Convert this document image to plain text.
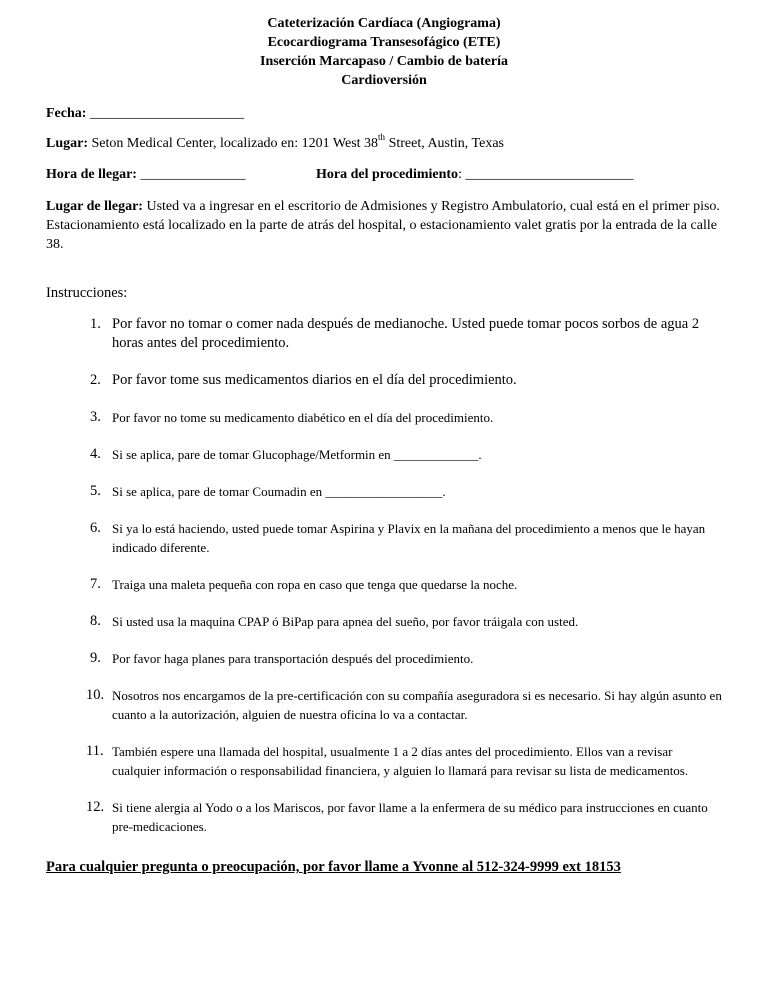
Cateterización Cardíaca (Angiograma)
Ecocardiograma Transesofágico (ETE)
Inserción Marcapaso / Cambio de batería
Cardioversión
Fecha: ______________________
Lugar: Seton Medical Center, localizado en: 1201 West 38th Street, Austin, Texas
Hora de llegar: _______________	Hora del procedimiento: ________________________
Lugar de llegar: Usted va a ingresar en el escritorio de Admisiones y Registro Ambulatorio, cual está en el primer piso. Estacionamiento está localizado en la parte de atrás del hospital, o estacionamiento valet gratis por la entrada de la calle 38.
Instrucciones:
1. Por favor no tomar o comer nada después de medianoche. Usted puede tomar pocos sorbos de agua 2 horas antes del procedimiento.
2. Por favor tome sus medicamentos diarios en el día del procedimiento.
3. Por favor no tome su medicamento diabético en el día del procedimiento.
4. Si se aplica, pare de tomar Glucophage/Metformin en _____________.
5. Si se aplica, pare de tomar Coumadin en __________________.
6. Si ya lo está haciendo, usted puede tomar Aspirina y Plavix en la mañana del procedimiento a menos que le hayan indicado diferente.
7. Traiga una maleta pequeña con ropa en caso que tenga que quedarse la noche.
8. Si usted usa la maquina CPAP ó BiPap para apnea del sueño, por favor tráigala con usted.
9. Por favor haga planes para transportación después del procedimiento.
10. Nosotros nos encargamos de la pre-certificación con su compañía aseguradora si es necesario. Si hay algún asunto en cuanto a la autorización, alguien de nuestra oficina lo va a contactar.
11. También espere una llamada del hospital, usualmente 1 a 2 días antes del procedimiento. Ellos van a revisar cualquier información o responsabilidad financiera, y alguien lo llamará para revisar su lista de medicamentos.
12. Si tiene alergia al Yodo o a los Mariscos, por favor llame a la enfermera de su médico para instrucciones en cuanto pre-medicaciones.
Para cualquier pregunta o preocupación, por favor llame a Yvonne al 512-324-9999 ext 18153
